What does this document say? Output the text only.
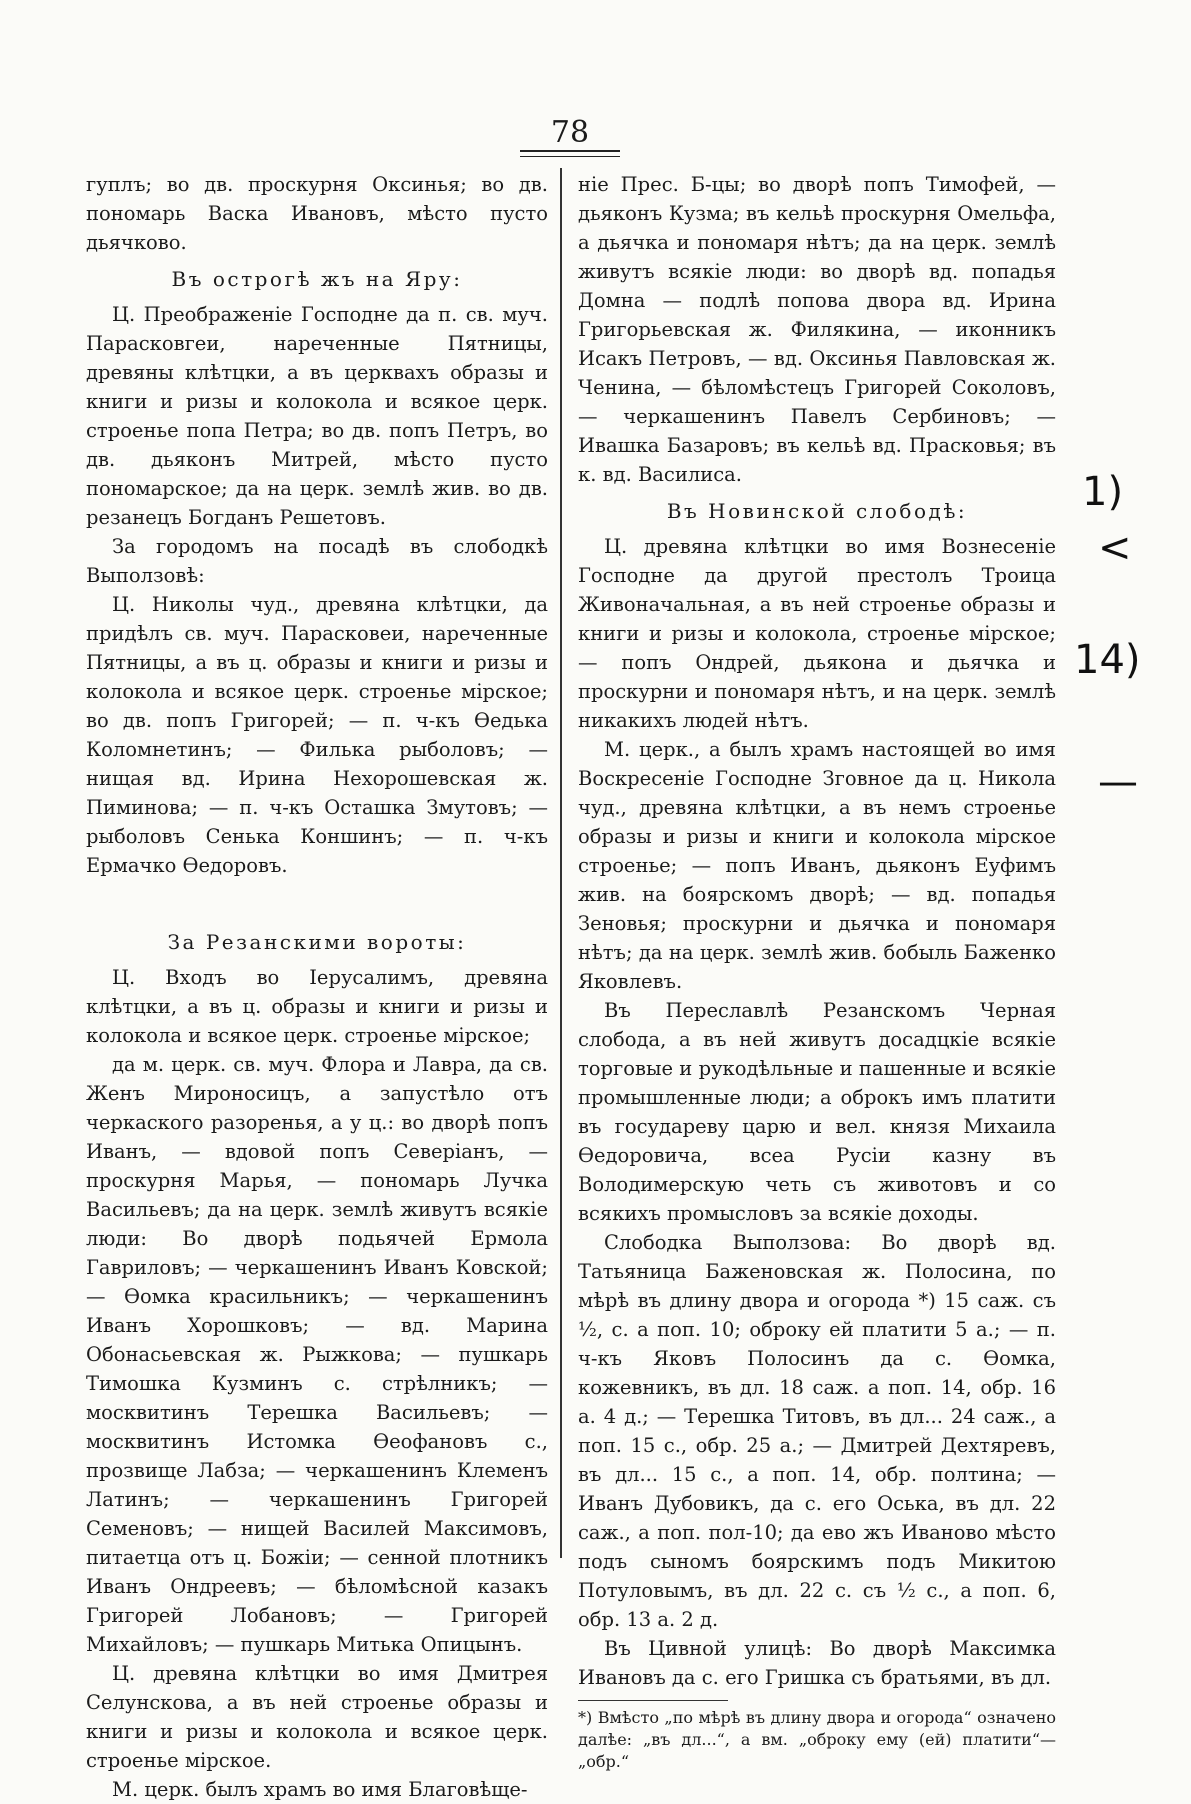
78

гуплъ; во дв. проскурня Оксинья; во дв. пономарь Васка Ивановъ, мѣсто пусто дьячково.

Въ острогѣ жъ на Яру:

Ц. Преображеніе Господне да п. св. муч. Парасковгеи, нареченные Пятницы, древяны клѣтцки, а въ церквахъ образы и книги и ризы и колокола и всякое церк. строенье попа Петра; во дв. попъ Петръ, во дв. дьяконъ Митрей, мѣсто пусто пономарское; да на церк. землѣ жив. во дв. резанецъ Богданъ Решетовъ.

За городомъ на посадѣ въ слободкѣ Выползовѣ:

Ц. Николы чуд., древяна клѣтцки, да придѣлъ св. муч. Парасковеи, нареченные Пятницы, а въ ц. образы и книги и ризы и колокола и всякое церк. строенье мірское; во дв. попъ Григорей; — п. ч-къ Өедька Коломнетинъ; — Филька рыболовъ; — нищая вд. Ирина Нехорошевская ж. Пиминова; — п. ч-къ Осташка Змутовъ; — рыболовъ Сенька Коншинъ; — п. ч-къ Ермачко Өедоровъ.

За Резанскими вороты:

Ц. Входъ во Іерусалимъ, древяна клѣтцки, а въ ц. образы и книги и ризы и колокола и всякое церк. строенье мірское;

да м. церк. св. муч. Флора и Лавра, да св. Женъ Мироносицъ, а запустѣло отъ черкаского разоренья, а у ц.: во дворѣ попъ Иванъ, — вдовой попъ Северіанъ, — проскурня Марья, — пономарь Лучка Васильевъ; да на церк. землѣ живутъ всякіе люди: Во дворѣ подьячей Ермола Гавриловъ; — черкашенинъ Иванъ Ковской; — Өомка красильникъ; — черкашенинъ Иванъ Хорошковъ; — вд. Марина Обонасьевская ж. Рыжкова; — пушкарь Тимошка Кузминъ с. стрѣлникъ; — москвитинъ Терешка Васильевъ; — москвитинъ Истомка Өеофановъ с., прозвище Лабза; — черкашенинъ Клеменъ Латинъ; — черкашенинъ Григорей Семеновъ; — нищей Василей Максимовъ, питаетца отъ ц. Божіи; — сенной плотникъ Иванъ Ондреевъ; — бѣломѣсной казакъ Григорей Лобановъ; — Григорей Михайловъ; — пушкарь Митька Опицынъ.

Ц. древяна клѣтцки во имя Дмитрея Селунскова, а въ ней строенье образы и книги и ризы и колокола и всякое церк. строенье мірское.

М. церк. былъ храмъ во имя Благовѣще-

ніе Прес. Б-цы; во дворѣ попъ Тимофей, — дьяконъ Кузма; въ кельѣ проскурня Омельфа, а дьячка и пономаря нѣтъ; да на церк. землѣ живутъ всякіе люди: во дворѣ вд. попадья Домна — подлѣ попова двора вд. Ирина Григорьевская ж. Филякина, — иконникъ Исакъ Петровъ, — вд. Оксинья Павловская ж. Ченина, — бѣломѣстецъ Григорей Соколовъ, — черкашенинъ Павелъ Сербиновъ; — Ивашка Базаровъ; въ кельѣ вд. Прасковья; въ к. вд. Василиса.

Въ Новинской слободѣ:

Ц. древяна клѣтцки во имя Вознесеніе Господне да другой престолъ Троица Живоначальная, а въ ней строенье образы и книги и ризы и колокола, строенье мірское; — попъ Ондрей, дьякона и дьячка и проскурни и пономаря нѣтъ, и на церк. землѣ никакихъ людей нѣтъ.

М. церк., а былъ храмъ настоящей во имя Воскресеніе Господне Зговное да ц. Никола чуд., древяна клѣтцки, а въ немъ строенье образы и ризы и книги и колокола мірское строенье; — попъ Иванъ, дьяконъ Еуфимъ жив. на боярскомъ дворѣ; — вд. попадья Зеновья; проскурни и дьячка и пономаря нѣтъ; да на церк. землѣ жив. бобыль Баженко Яковлевъ.

Въ Переславлѣ Резанскомъ Черная слобода, а въ ней живутъ досадцкіе всякіе торговые и рукодѣльные и пашенные и всякіе промышленные люди; а оброкъ имъ платити въ государеву царю и вел. князя Михаила Өедоровича, всеа Русіи казну въ Володимерскую четь съ животовъ и со всякихъ промысловъ за всякіе доходы.

Слободка Выползова: Во дворѣ вд. Татьяница Баженовская ж. Полосина, по мѣрѣ въ длину двора и огорода *) 15 саж. съ ½, с. а поп. 10; оброку ей платити 5 а.; — п. ч-къ Яковъ Полосинъ да с. Өомка, кожевникъ, въ дл. 18 саж. а поп. 14, обр. 16 а. 4 д.; — Терешка Титовъ, въ дл... 24 саж., а поп. 15 с., обр. 25 а.; — Дмитрей Дехтяревъ, въ дл... 15 с., а поп. 14, обр. полтина; — Иванъ Дубовикъ, да с. его Оська, въ дл. 22 саж., а поп. пол-10; да ево жъ Иваново мѣсто подъ сыномъ боярскимъ подъ Микитою Потуловымъ, въ дл. 22 с. съ ½ с., а поп. 6, обр. 13 а. 2 д.

Въ Цивной улицѣ: Во дворѣ Максимка Ивановъ да с. его Гришка съ братьями, въ дл.

*) Вмѣсто „по мѣрѣ въ длину двора и огорода“ означено далѣе: „въ дл...“, а вм. „оброку ему (ей) платити“—„обр.“

1)
<
14)
—
